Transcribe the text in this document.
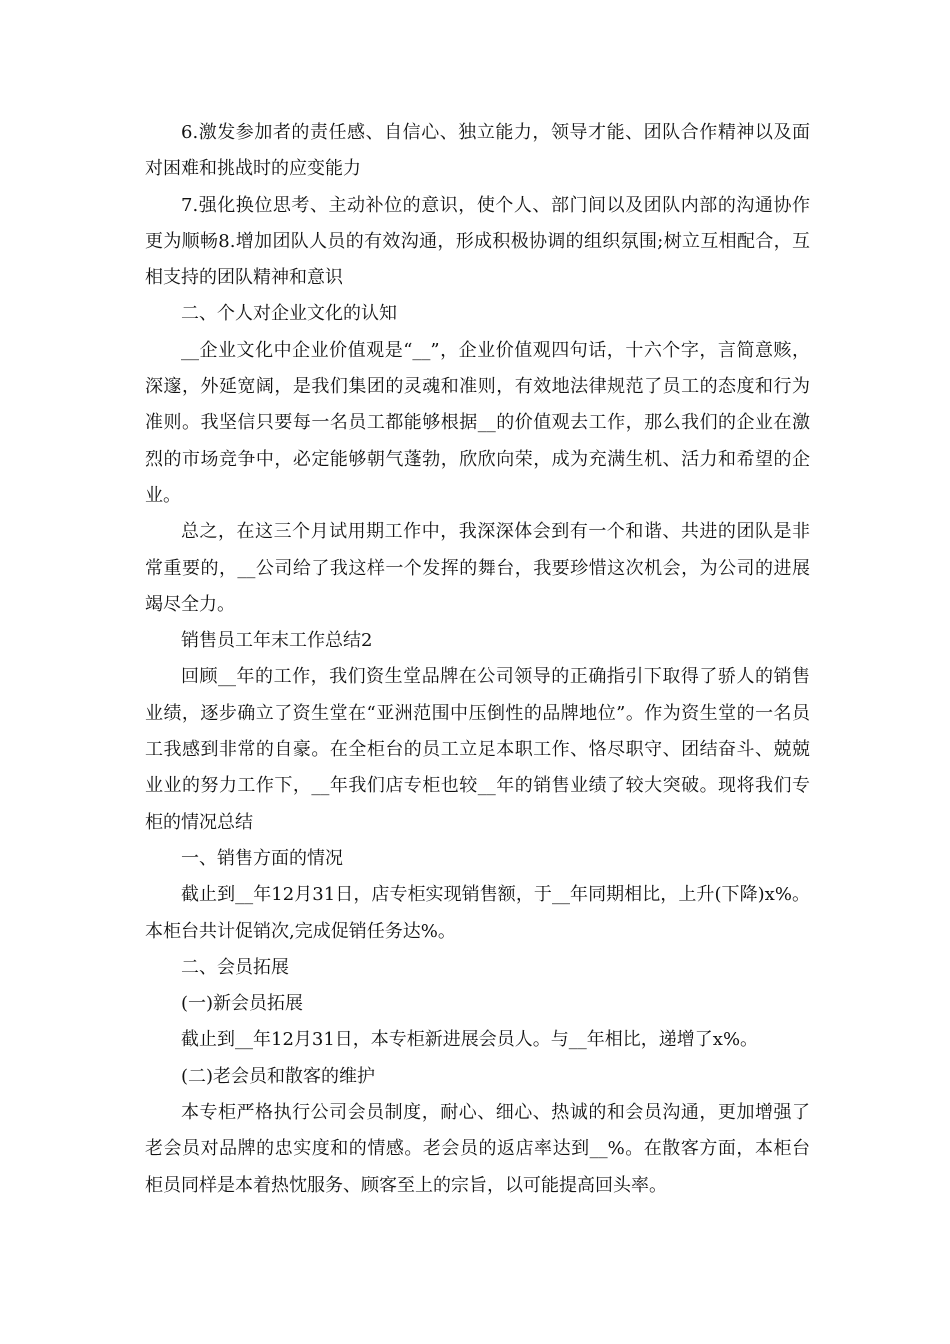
6.激发参加者的责任感、自信心、独立能力，领导才能、团队合作精神以及面对困难和挑战时的应变能力

7.强化换位思考、主动补位的意识，使个人、部门间以及团队内部的沟通协作更为顺畅8.增加团队人员的有效沟通，形成积极协调的组织氛围;树立互相配合，互相支持的团队精神和意识

二、个人对企业文化的认知

__企业文化中企业价值观是“__”，企业价值观四句话，十六个字，言简意赅，深邃，外延宽阔，是我们集团的灵魂和准则，有效地法律规范了员工的态度和行为准则。我坚信只要每一名员工都能够根据__的价值观去工作，那么我们的企业在激烈的市场竞争中，必定能够朝气蓬勃，欣欣向荣，成为充满生机、活力和希望的企业。

总之，在这三个月试用期工作中，我深深体会到有一个和谐、共进的团队是非常重要的，__公司给了我这样一个发挥的舞台，我要珍惜这次机会，为公司的进展竭尽全力。

销售员工年末工作总结2

回顾__年的工作，我们资生堂品牌在公司领导的正确指引下取得了骄人的销售业绩，逐步确立了资生堂在“亚洲范围中压倒性的品牌地位”。作为资生堂的一名员工我感到非常的自豪。在全柜台的员工立足本职工作、恪尽职守、团结奋斗、兢兢业业的努力工作下，__年我们店专柜也较__年的销售业绩了较大突破。现将我们专柜的情况总结

一、销售方面的情况

截止到__年12月31日，店专柜实现销售额，于__年同期相比，上升(下降)x%。本柜台共计促销次,完成促销任务达%。

二、会员拓展

(一)新会员拓展

截止到__年12月31日，本专柜新进展会员人。与__年相比，递增了x%。

(二)老会员和散客的维护

本专柜严格执行公司会员制度，耐心、细心、热诚的和会员沟通，更加增强了老会员对品牌的忠实度和的情感。老会员的返店率达到__%。在散客方面，本柜台柜员同样是本着热忱服务、顾客至上的宗旨，以可能提高回头率。
